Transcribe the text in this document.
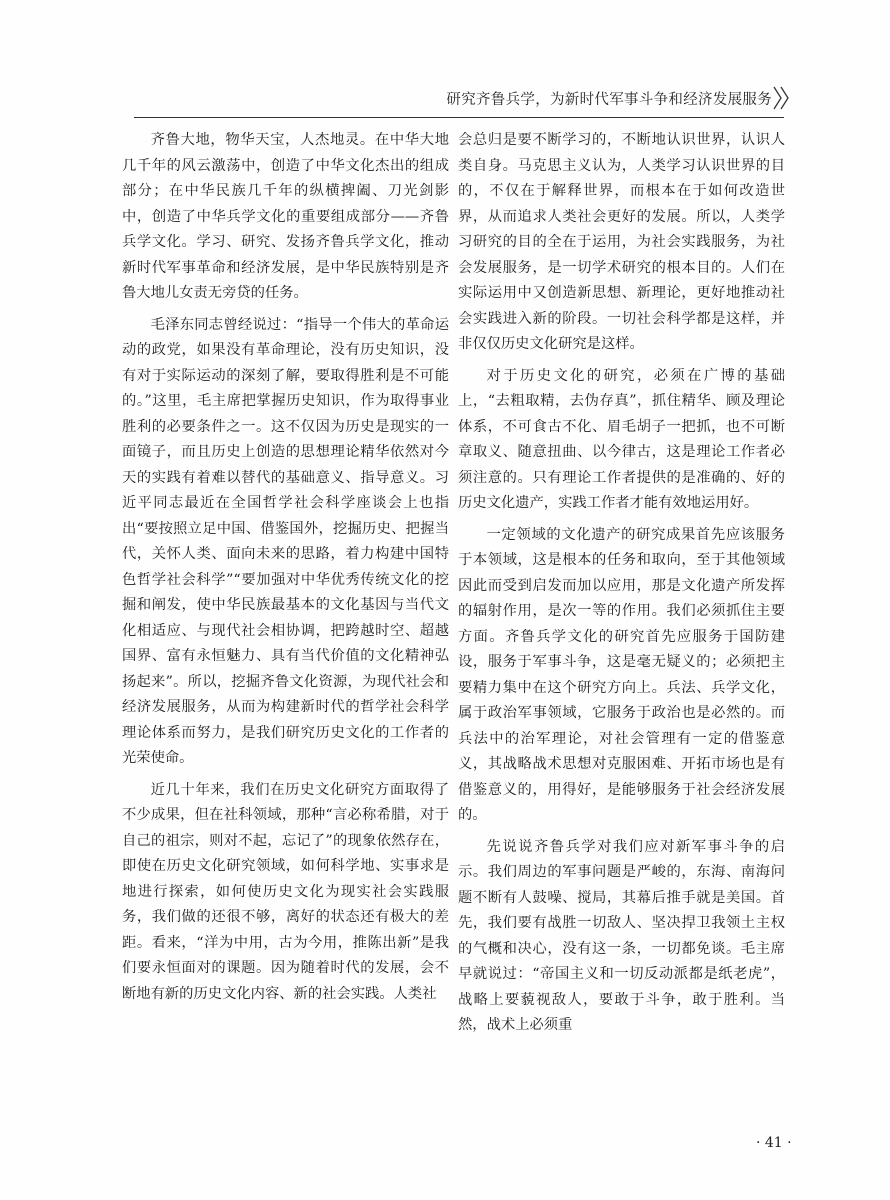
研究齐鲁兵学，为新时代军事斗争和经济发展服务

齐鲁大地，物华天宝，人杰地灵。在中华大地几千年的风云激荡中，创造了中华文化杰出的组成部分；在中华民族几千年的纵横捭阖、刀光剑影中，创造了中华兵学文化的重要组成部分——齐鲁兵学文化。学习、研究、发扬齐鲁兵学文化，推动新时代军事革命和经济发展，是中华民族特别是齐鲁大地儿女责无旁贷的任务。

毛泽东同志曾经说过：“指导一个伟大的革命运动的政党，如果没有革命理论，没有历史知识，没有对于实际运动的深刻了解，要取得胜利是不可能的。”这里，毛主席把掌握历史知识，作为取得事业胜利的必要条件之一。这不仅因为历史是现实的一面镜子，而且历史上创造的思想理论精华依然对今天的实践有着难以替代的基础意义、指导意义。习近平同志最近在全国哲学社会科学座谈会上也指出“要按照立足中国、借鉴国外，挖掘历史、把握当代，关怀人类、面向未来的思路，着力构建中国特色哲学社会科学”“要加强对中华优秀传统文化的挖掘和阐发，使中华民族最基本的文化基因与当代文化相适应、与现代社会相协调，把跨越时空、超越国界、富有永恒魅力、具有当代价值的文化精神弘扬起来”。所以，挖掘齐鲁文化资源，为现代社会和经济发展服务，从而为构建新时代的哲学社会科学理论体系而努力，是我们研究历史文化的工作者的光荣使命。

近几十年来，我们在历史文化研究方面取得了不少成果，但在社科领域，那种“言必称希腊，对于自己的祖宗，则对不起，忘记了”的现象依然存在，即使在历史文化研究领域，如何科学地、实事求是地进行探索，如何使历史文化为现实社会实践服务，我们做的还很不够，离好的状态还有极大的差距。看来，“洋为中用，古为今用，推陈出新”是我们要永恒面对的课题。因为随着时代的发展，会不断地有新的历史文化内容、新的社会实践。人类社

会总归是要不断学习的，不断地认识世界，认识人类自身。马克思主义认为，人类学习认识世界的目的，不仅在于解释世界，而根本在于如何改造世界，从而追求人类社会更好的发展。所以，人类学习研究的目的全在于运用，为社会实践服务，为社会发展服务，是一切学术研究的根本目的。人们在实际运用中又创造新思想、新理论，更好地推动社会实践进入新的阶段。一切社会科学都是这样，并非仅仅历史文化研究是这样。

对于历史文化的研究，必须在广博的基础上，“去粗取精，去伪存真”，抓住精华、顾及理论体系，不可食古不化、眉毛胡子一把抓，也不可断章取义、随意扭曲、以今律古，这是理论工作者必须注意的。只有理论工作者提供的是准确的、好的历史文化遗产，实践工作者才能有效地运用好。

一定领域的文化遗产的研究成果首先应该服务于本领域，这是根本的任务和取向，至于其他领域因此而受到启发而加以应用，那是文化遗产所发挥的辐射作用，是次一等的作用。我们必须抓住主要方面。齐鲁兵学文化的研究首先应服务于国防建设，服务于军事斗争，这是毫无疑义的；必须把主要精力集中在这个研究方向上。兵法、兵学文化，属于政治军事领域，它服务于政治也是必然的。而兵法中的治军理论，对社会管理有一定的借鉴意义，其战略战术思想对克服困难、开拓市场也是有借鉴意义的，用得好，是能够服务于社会经济发展的。

先说说齐鲁兵学对我们应对新军事斗争的启示。我们周边的军事问题是严峻的，东海、南海问题不断有人鼓噪、搅局，其幕后推手就是美国。首先，我们要有战胜一切敌人、坚决捍卫我领土主权的气概和决心，没有这一条，一切都免谈。毛主席早就说过：“帝国主义和一切反动派都是纸老虎”，战略上要藐视敌人，要敢于斗争，敢于胜利。当然，战术上必须重

· 41 ·
